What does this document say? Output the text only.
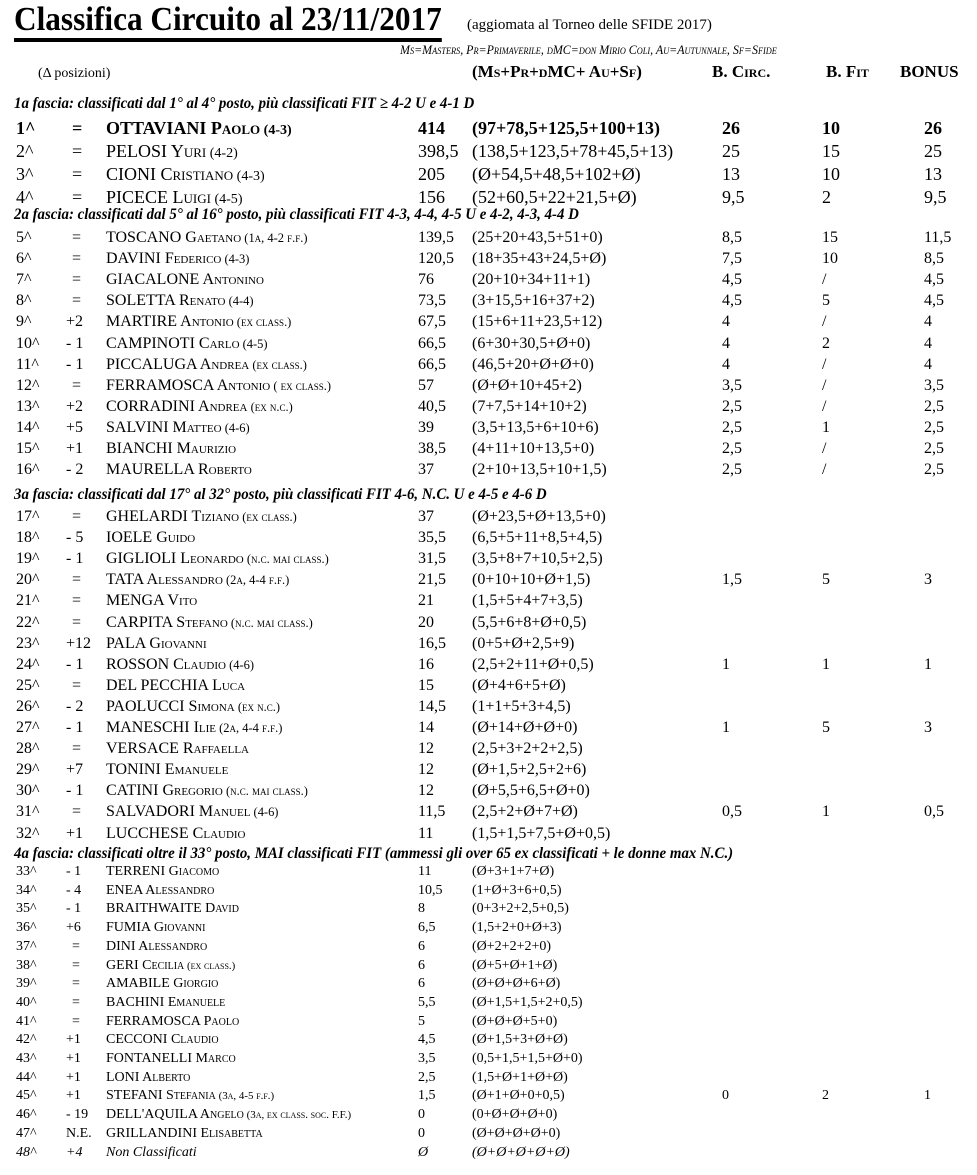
Classifica Circuito al 23/11/2017	(aggiomata al Torneo delle SFIDE 2017)
Ms=Masters, Pr=Primaverile, dMC=don Mirio Coli, Au=Autunnale, Sf=Sfide
(Δ posizioni)	(Ms+Pr+dMC+ Au+Sf)	B. Circ.	B. Fit BONUS
1a fascia: classificati dal 1° al 4° posto, più classificati FIT ≥ 4-2 U e 4-1 D
1^	= OTTAVIANI Paolo (4-3)	414 (97+78,5+125,5+100+13)	26	10	26
2^	= PELOSI Yuri (4-2)	398,5 (138,5+123,5+78+45,5+13)	25	15	25
3^	= CIONI Cristiano (4-3)	205 (Ø+54,5+48,5+102+Ø)	13	10	13
4^	= PICECE Luigi (4-5)	156 (52+60,5+22+21,5+Ø)	9,5	2	9,5
2a fascia: classificati dal 5° al 16° posto, più classificati FIT 4-3, 4-4, 4-5 U e 4-2, 4-3, 4-4 D
5^	= TOSCANO Gaetano (1a, 4-2 f.f.)	139,5 (25+20+43,5+51+0)	8,5	15	11,5
6^	= DAVINI Federico (4-3)	120,5 (18+35+43+24,5+Ø)	7,5	10	8,5
7^	= GIACALONE Antonino	76 (20+10+34+11+1)	4,5	/	4,5
8^	= SOLETTA Renato (4-4)	73,5 (3+15,5+16+37+2)	4,5	5	4,5
9^ +2 MARTIRE Antonio (ex class.)	67,5 (15+6+11+23,5+12)	4	/	4
10^ - 1 CAMPINOTI Carlo (4-5)	66,5 (6+30+30,5+Ø+0)	4	2	4
11^ - 1 PICCALUGA Andrea (ex class.)	66,5 (46,5+20+Ø+Ø+0)	4	/	4
12^	= FERRAMOSCA Antonio ( ex class.)	57 (Ø+Ø+10+45+2)	3,5	/	3,5
13^ +2 CORRADINI Andrea (ex n.c.)	40,5 (7+7,5+14+10+2)	2,5	/	2,5
14^ +5 SALVINI Matteo (4-6)	39 (3,5+13,5+6+10+6)	2,5	1	2,5
15^ +1 BIANCHI Maurizio	38,5 (4+11+10+13,5+0)	2,5	/	2,5
16^ - 2 MAURELLA Roberto	37 (2+10+13,5+10+1,5)	2,5	/	2,5
3a fascia: classificati dal 17° al 32° posto, più classificati FIT 4-6, N.C. U e 4-5 e 4-6 D
17^	= GHELARDI Tiziano (ex class.)	37 (Ø+23,5+Ø+13,5+0)
18^ - 5 IOELE Guido	35,5 (6,5+5+11+8,5+4,5)
19^ - 1 GIGLIOLI Leonardo (n.c. mai class.)	31,5 (3,5+8+7+10,5+2,5)
20^	= TATA Alessandro (2a, 4-4 f.f.)	21,5 (0+10+10+Ø+1,5)	1,5	5	3
21^	= MENGA Vito	21 (1,5+5+4+7+3,5)
22^	= CARPITA Stefano (n.c. mai class.)	20 (5,5+6+8+Ø+0,5)
23^ +12 PALA Giovanni	16,5 (0+5+Ø+2,5+9)
24^ - 1 ROSSON Claudio (4-6)	16 (2,5+2+11+Ø+0,5)	1	1	1
25^	= DEL PECCHIA Luca	15 (Ø+4+6+5+Ø)
26^ - 2 PAOLUCCI Simona (ex n.c.)	14,5 (1+1+5+3+4,5)
27^ - 1 MANESCHI Ilie (2a, 4-4 f.f.)	14 (Ø+14+Ø+Ø+0)	1	5	3
28^	= VERSACE Raffaella	12 (2,5+3+2+2+2,5)
29^ +7 TONINI Emanuele	12 (Ø+1,5+2,5+2+6)
30^ - 1 CATINI Gregorio (n.c. mai class.)	12 (Ø+5,5+6,5+Ø+0)
31^	= SALVADORI Manuel (4-6)	11,5 (2,5+2+Ø+7+Ø)	0,5	1	0,5
32^ +1 LUCCHESE Claudio	11 (1,5+1,5+7,5+Ø+0,5)
4a fascia: classificati oltre il 33° posto, MAI classificati FIT (ammessi gli over 65 ex classificati + le donne max N.C.)
33^ - 1 TERRENI Giacomo	11	(Ø+3+1+7+Ø)
34^ - 4 ENEA Alessandro	10,5 (1+Ø+3+6+0,5)
35^ - 1 BRAITHWAITE David	8	(0+3+2+2,5+0,5)
36^ +6 FUMIA Giovanni	6,5	(1,5+2+0+Ø+3)
37^	= DINI Alessandro	6	(Ø+2+2+2+0)
38^	= GERI Cecilia (ex class.)	6	(Ø+5+Ø+1+Ø)
39^	= AMABILE Giorgio	6	(Ø+Ø+Ø+6+Ø)
40^	= BACHINI Emanuele	5,5	(Ø+1,5+1,5+2+0,5)
41^	= FERRAMOSCA Paolo	5	(Ø+Ø+Ø+5+0)
42^ +1 CECCONI Claudio	4,5	(Ø+1,5+3+Ø+Ø)
43^ +1 FONTANELLI Marco	3,5	(0,5+1,5+1,5+Ø+0)
44^ +1 LONI Alberto	2,5	(1,5+Ø+1+Ø+Ø)
45^ +1 STEFANI Stefania (3a, 4-5 f.f.)	1,5	(Ø+1+Ø+0+0,5)	0	2	1
46^ - 19 DELL'AQUILA Angelo (3a, ex class. soc. F.F.)	0	(0+Ø+Ø+Ø+0)
47^ N.E. GRILLANDINI Elisabetta	0	(Ø+Ø+Ø+Ø+0)
48^ +4 Non Classificati	Ø	(Ø+Ø+Ø+Ø+Ø)
